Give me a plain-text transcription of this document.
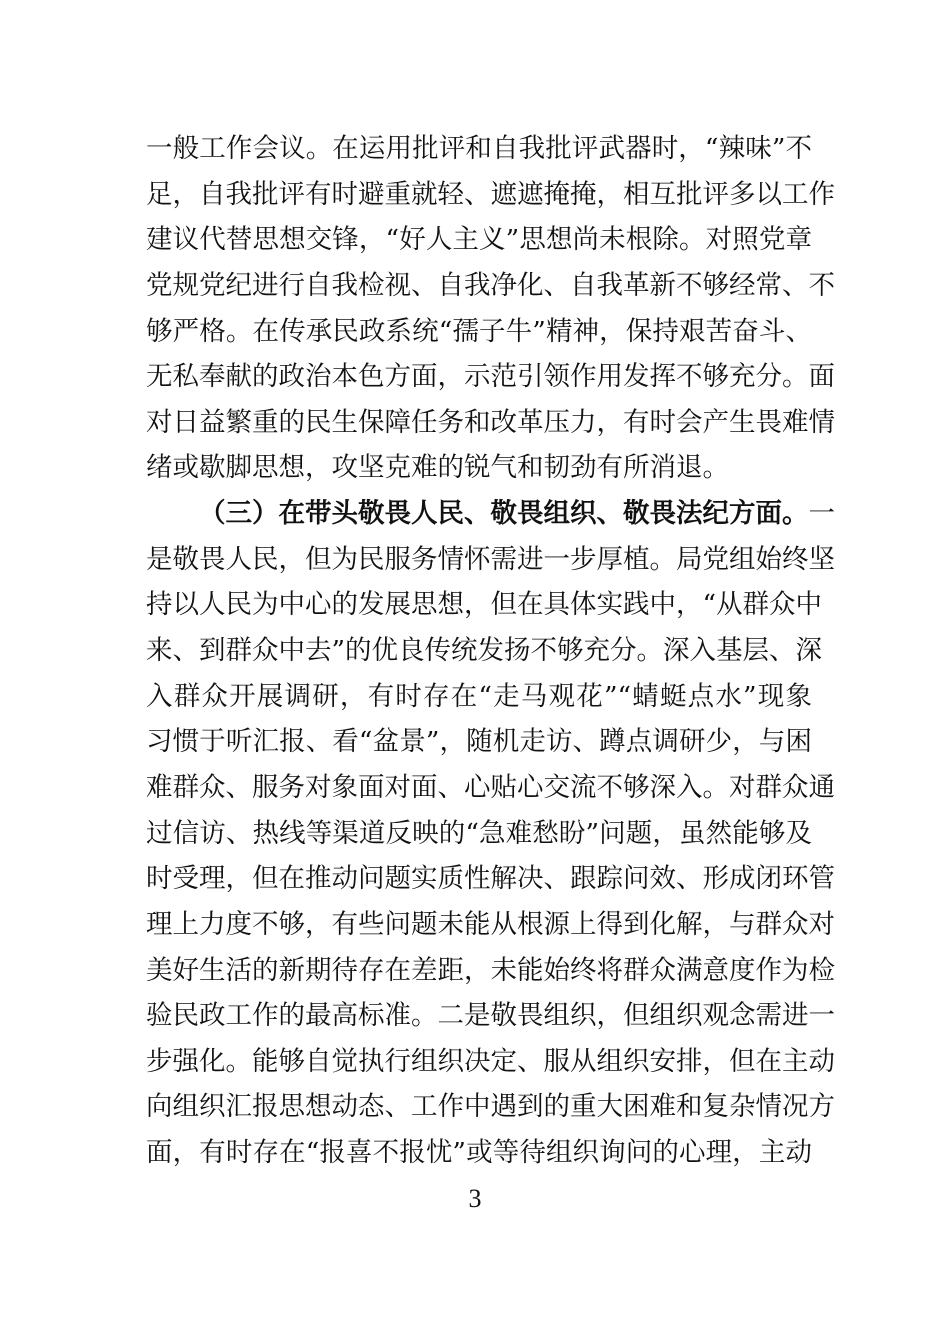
一般工作会议。在运用批评和自我批评武器时，“辣味”不
足，自我批评有时避重就轻、遮遮掩掩，相互批评多以工作
建议代替思想交锋，“好人主义”思想尚未根除。对照党章
党规党纪进行自我检视、自我净化、自我革新不够经常、不
够严格。在传承民政系统“孺子牛”精神，保持艰苦奋斗、
无私奉献的政治本色方面，示范引领作用发挥不够充分。面
对日益繁重的民生保障任务和改革压力，有时会产生畏难情
绪或歇脚思想，攻坚克难的锐气和韧劲有所消退。
（三）在带头敬畏人民、敬畏组织、敬畏法纪方面。一
是敬畏人民，但为民服务情怀需进一步厚植。局党组始终坚
持以人民为中心的发展思想，但在具体实践中，“从群众中
来、到群众中去”的优良传统发扬不够充分。深入基层、深
入群众开展调研，有时存在“走马观花”“蜻蜓点水”现象
习惯于听汇报、看“盆景”，随机走访、蹲点调研少，与困
难群众、服务对象面对面、心贴心交流不够深入。对群众通
过信访、热线等渠道反映的“急难愁盼”问题，虽然能够及
时受理，但在推动问题实质性解决、跟踪问效、形成闭环管
理上力度不够，有些问题未能从根源上得到化解，与群众对
美好生活的新期待存在差距，未能始终将群众满意度作为检
验民政工作的最高标准。二是敬畏组织，但组织观念需进一
步强化。能够自觉执行组织决定、服从组织安排，但在主动
向组织汇报思想动态、工作中遇到的重大困难和复杂情况方
面，有时存在“报喜不报忧”或等待组织询问的心理，主动
3
